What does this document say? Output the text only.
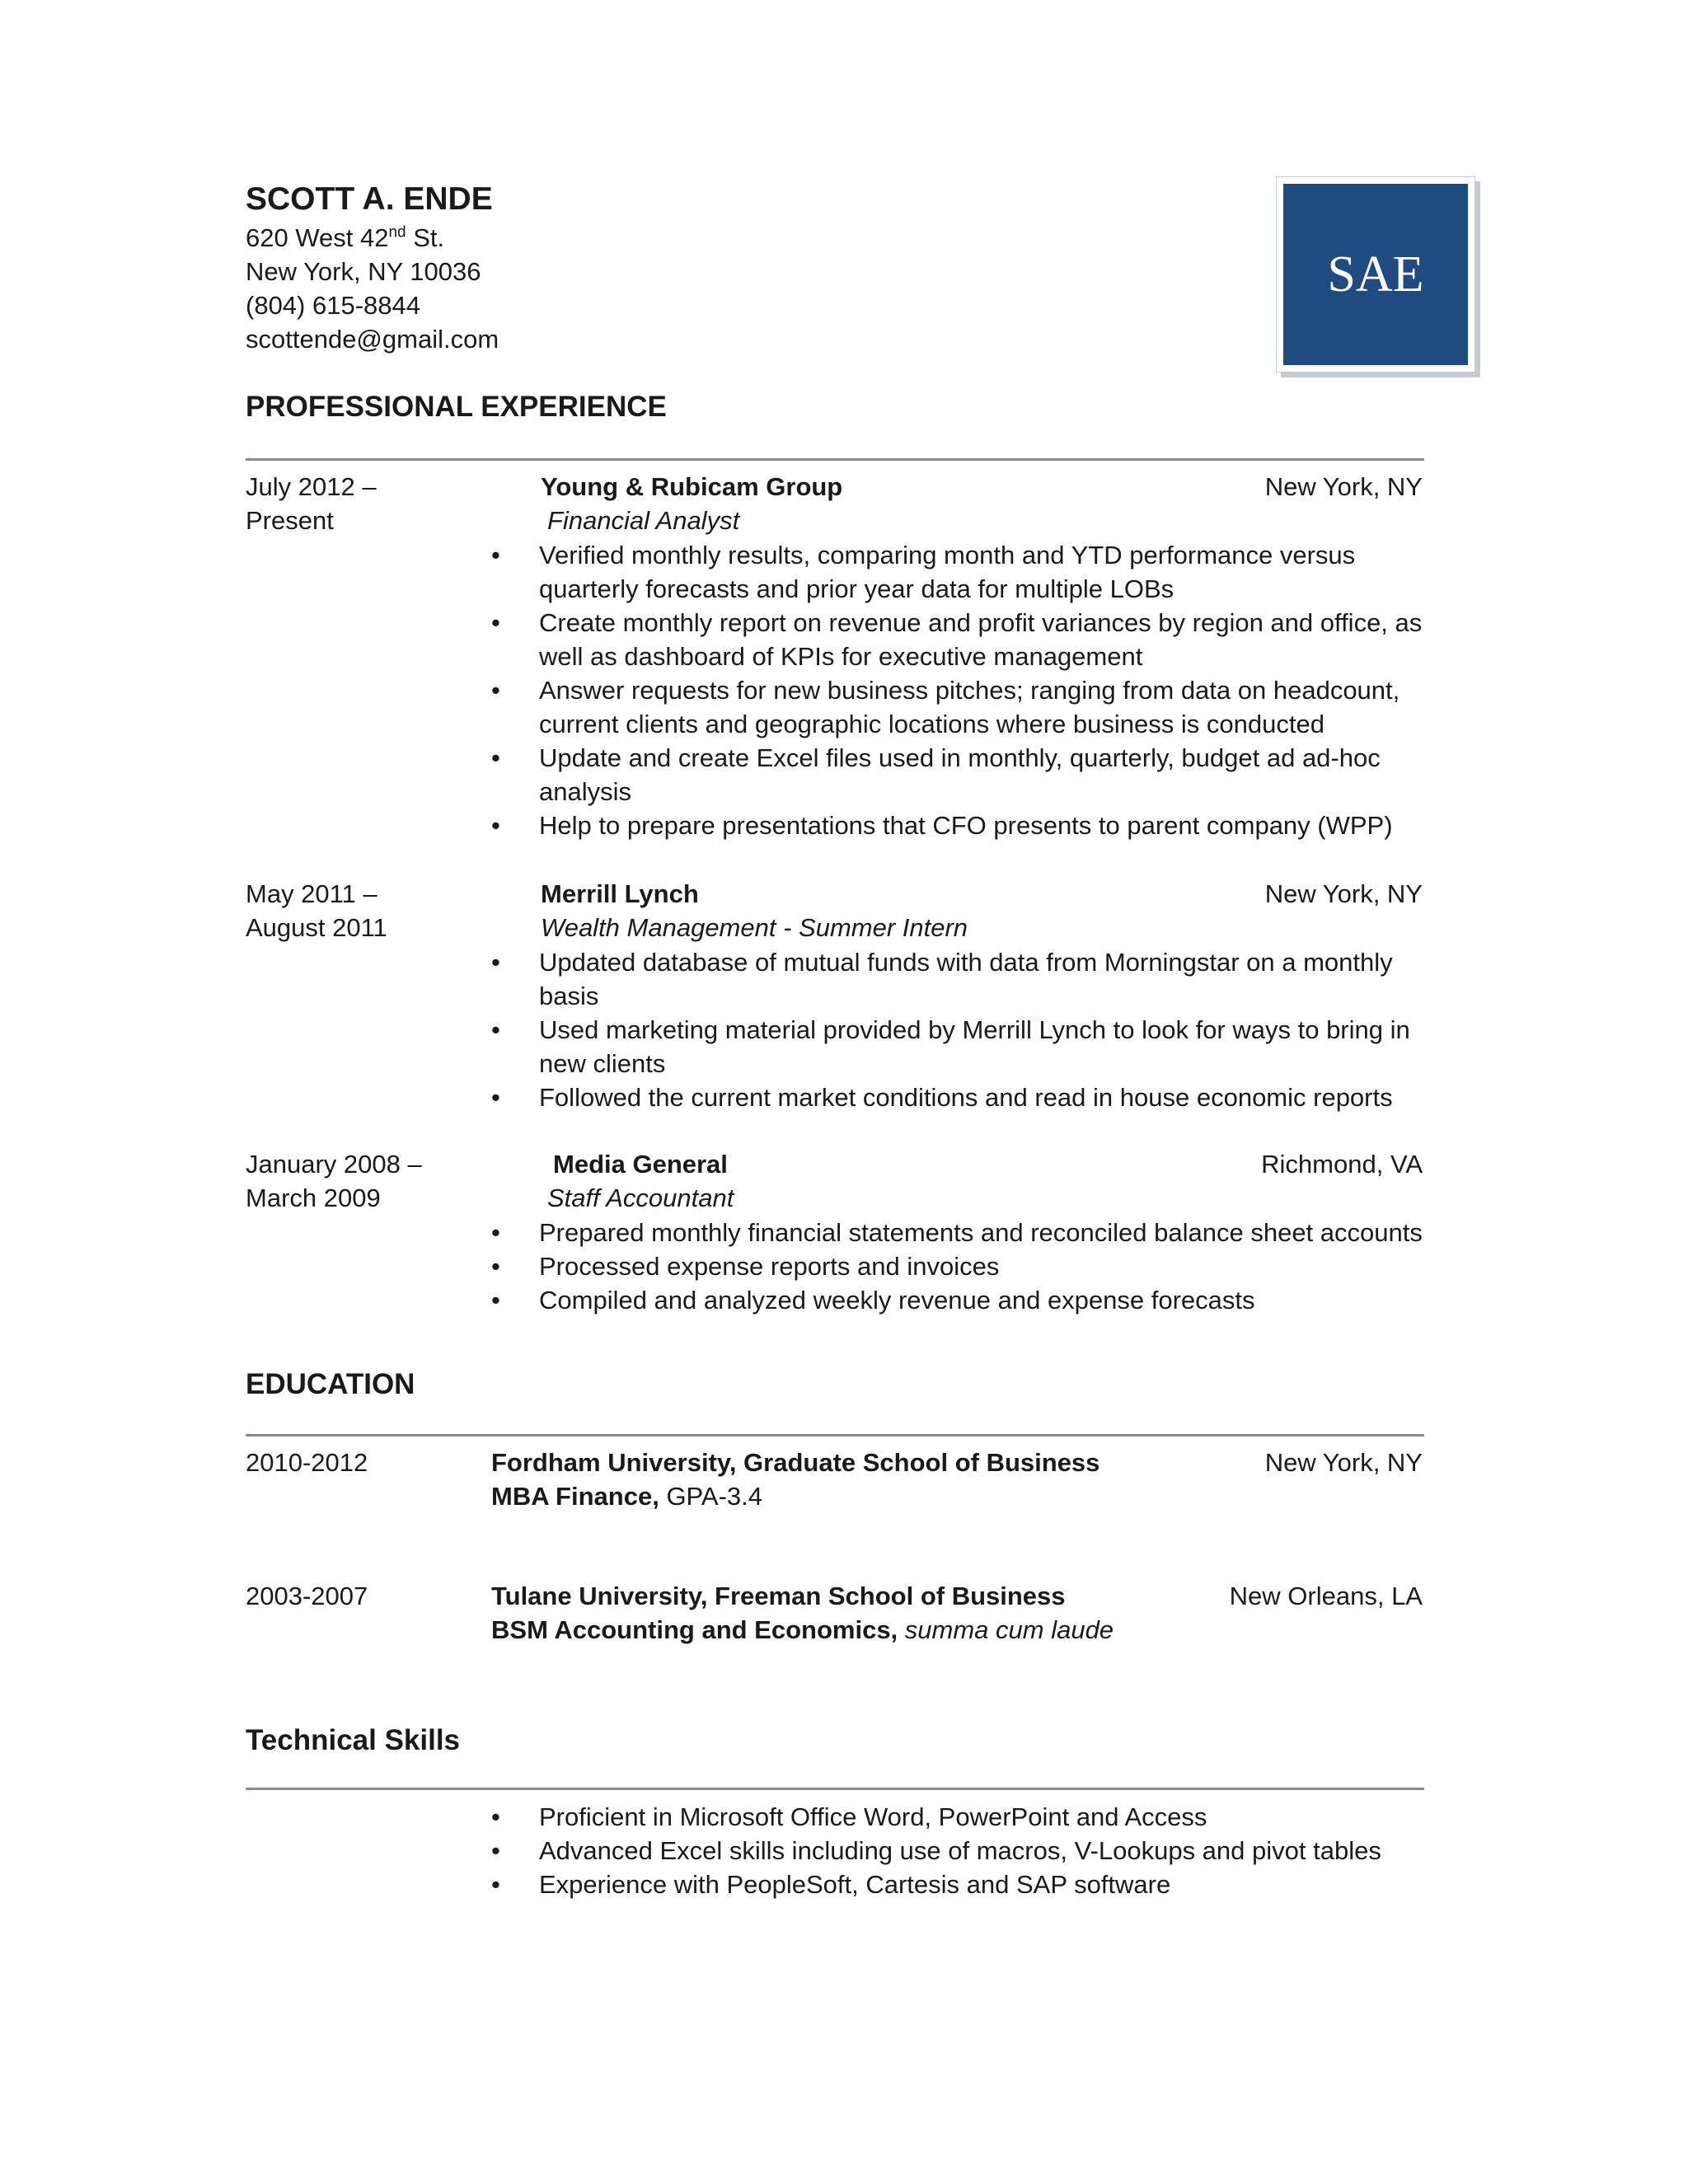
SCOTT A. ENDE
620 West 42nd St.
New York, NY 10036
(804) 615-8844
scottende@gmail.com
SAE
PROFESSIONAL EXPERIENCE
July 2012 –
Present
Young & Rubicam Group	New York, NY
Financial Analyst
• Verified monthly results, comparing month and YTD performance versus quarterly forecasts and prior year data for multiple LOBs
• Create monthly report on revenue and profit variances by region and office, as well as dashboard of KPIs for executive management
• Answer requests for new business pitches; ranging from data on headcount, current clients and geographic locations where business is conducted
• Update and create Excel files used in monthly, quarterly, budget ad ad-hoc analysis
• Help to prepare presentations that CFO presents to parent company (WPP)
May 2011 –
August 2011
Merrill Lynch	New York, NY
Wealth Management - Summer Intern
• Updated database of mutual funds with data from Morningstar on a monthly basis
• Used marketing material provided by Merrill Lynch to look for ways to bring in new clients
• Followed the current market conditions and read in house economic reports
January 2008 –
March 2009
Media General	Richmond, VA
Staff Accountant
• Prepared monthly financial statements and reconciled balance sheet accounts
• Processed expense reports and invoices
• Compiled and analyzed weekly revenue and expense forecasts
EDUCATION
2010-2012	Fordham University, Graduate School of Business	New York, NY
MBA Finance, GPA-3.4
2003-2007	Tulane University, Freeman School of Business	New Orleans, LA
BSM Accounting and Economics, summa cum laude
Technical Skills
• Proficient in Microsoft Office Word, PowerPoint and Access
• Advanced Excel skills including use of macros, V-Lookups and pivot tables
• Experience with PeopleSoft, Cartesis and SAP software
